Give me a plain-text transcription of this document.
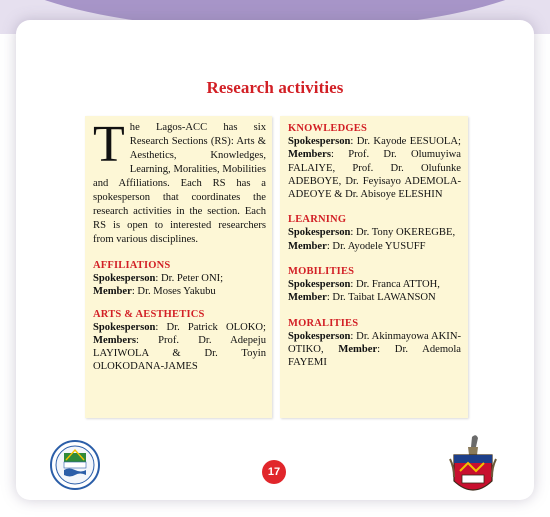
Research activities

The Lagos-ACC has six Research Sections (RS): Arts & Aesthetics, Knowledges, Learning, Moralities, Mobilities and Affiliations. Each RS has a spokesperson that coordinates the research activities in the section. Each RS is open to interested researchers from various disciplines.

AFFILIATIONS

Spokesperson: Dr. Peter ONI;
Member: Dr. Moses Yakubu

ARTS & AESTHETICS

Spokesperson: Dr. Patrick OLOKO; Members: Prof. Dr. Adepeju LAYIWOLA & Dr. Toyin OLOKODANA-JAMES

KNOWLEDGES

Spokesperson: Dr. Kayode EESUOLA; Members: Prof. Dr. Olumuyiwa FALAIYE, Prof. Dr. Olufunke ADEBOYE, Dr. Feyisayo ADEMOLA-ADEOYE & Dr. Abisoye ELESHIN

LEARNING

Spokesperson: Dr. Tony OKEREGBE,
Member: Dr. Ayodele YUSUFF

MOBILITIES

Spokesperson: Dr. Franca ATTOH,
Member: Dr. Taibat LAWANSON

MORALITIES

Spokesperson: Dr. Akinmayowa AKIN-OTIKO, Member: Dr. Ademola FAYEMI

17
